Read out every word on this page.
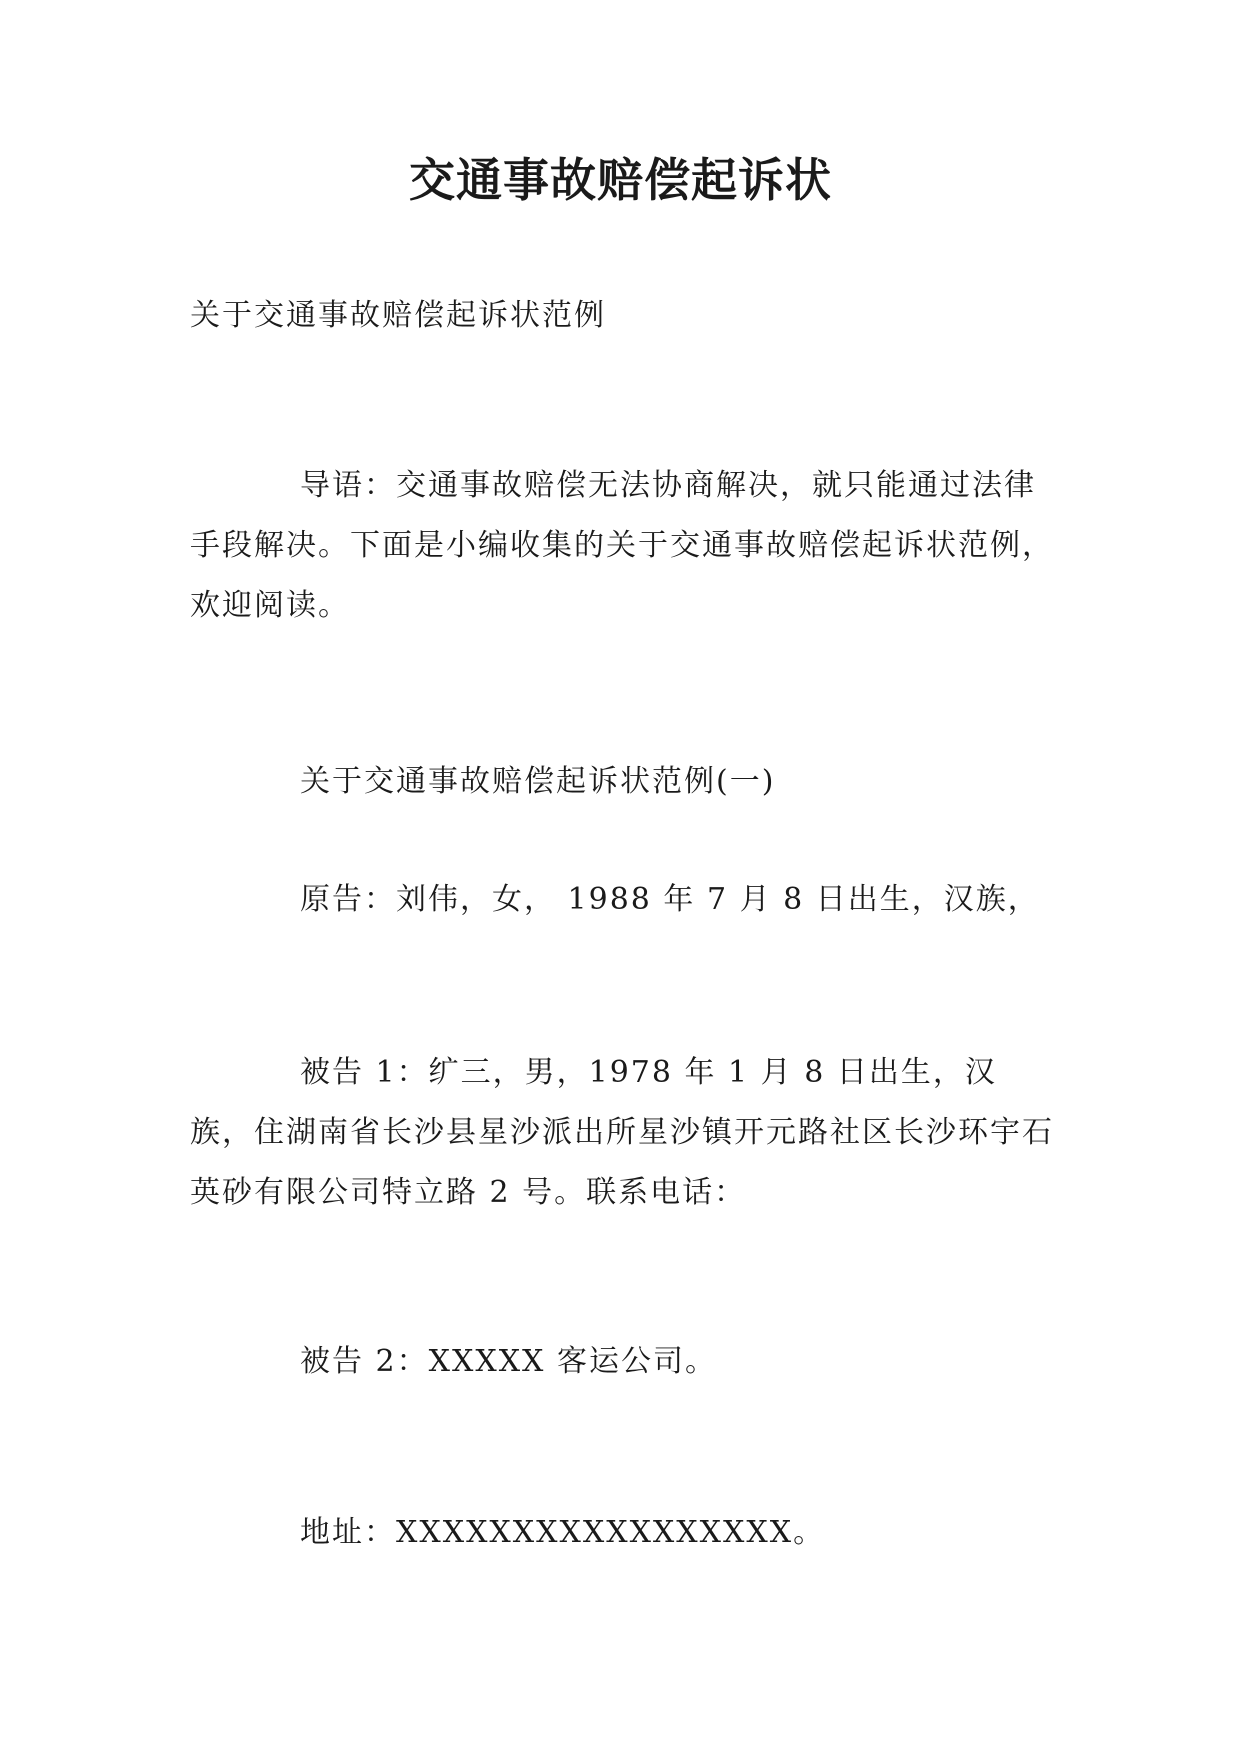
交通事故赔偿起诉状
关于交通事故赔偿起诉状范例
导语：交通事故赔偿无法协商解决，就只能通过法律手段解决。下面是小编收集的关于交通事故赔偿起诉状范例，欢迎阅读。
关于交通事故赔偿起诉状范例(一)
原告：刘伟，女， 1988 年 7 月 8 日出生，汉族，
被告 1：纩三，男，1978 年 1 月 8 日出生，汉族，住湖南省长沙县星沙派出所星沙镇开元路社区长沙环宇石英砂有限公司特立路 2 号。联系电话：
被告 2：XXXXX 客运公司。
地址：XXXXXXXXXXXXXXXXX。
